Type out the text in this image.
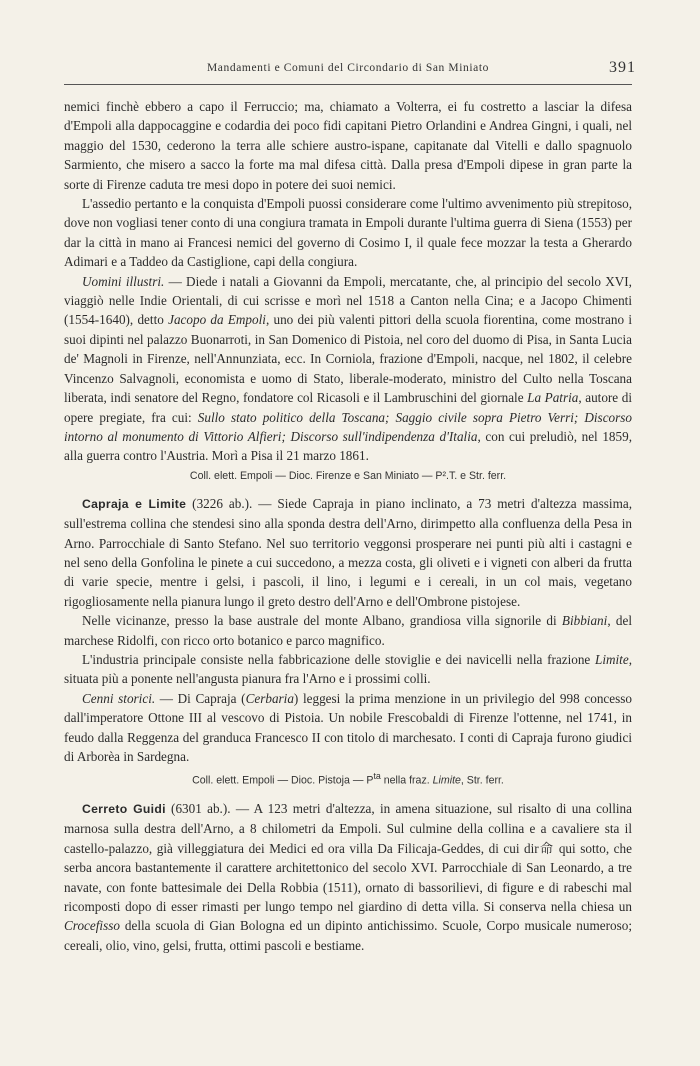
Mandamenti e Comuni del Circondario di San Miniato	391

nemici finchè ebbero a capo il Ferruccio; ma, chiamato a Volterra, ei fu costretto a lasciar la difesa d'Empoli alla dappocaggine e codardia dei poco fidi capitani Pietro Orlandini e Andrea Gingni, i quali, nel maggio del 1530, cederono la terra alle schiere austro-ispane, capitanate dal Vitelli e dallo spagnuolo Sarmiento, che misero a sacco la forte ma mal difesa città. Dalla presa d'Empoli dipese in gran parte la sorte di Firenze caduta tre mesi dopo in potere dei suoi nemici.

L'assedio pertanto e la conquista d'Empoli puossi considerare come l'ultimo avvenimento più strepitoso, dove non vogliasi tener conto di una congiura tramata in Empoli durante l'ultima guerra di Siena (1553) per dar la città in mano ai Francesi nemici del governo di Cosimo I, il quale fece mozzar la testa a Gherardo Adimari e a Taddeo da Castiglione, capi della congiura.

Uomini illustri. — Diede i natali a Giovanni da Empoli, mercatante, che, al principio del secolo XVI, viaggiò nelle Indie Orientali, di cui scrisse e morì nel 1518 a Canton nella Cina; e a Jacopo Chimenti (1554-1640), detto Jacopo da Empoli, uno dei più valenti pittori della scuola fiorentina, come mostrano i suoi dipinti nel palazzo Buonarroti, in San Domenico di Pistoia, nel coro del duomo di Pisa, in Santa Lucia de' Magnoli in Firenze, nell'Annunziata, ecc. In Corniola, frazione d'Empoli, nacque, nel 1802, il celebre Vincenzo Salvagnoli, economista e uomo di Stato, liberale-moderato, ministro del Culto nella Toscana liberata, indi senatore del Regno, fondatore col Ricasoli e il Lambruschini del giornale La Patria, autore di opere pregiate, fra cui: Sullo stato politico della Toscana; Saggio civile sopra Pietro Verri; Discorso intorno al monumento di Vittorio Alfieri; Discorso sull'indipendenza d'Italia, con cui preludiò, nel 1859, alla guerra contro l'Austria. Morì a Pisa il 21 marzo 1861.

Coll. elett. Empoli — Dioc. Firenze e San Miniato — P².T. e Str. ferr.

Capraja e Limite (3226 ab.). — Siede Capraja in piano inclinato, a 73 metri d'altezza massima, sull'estrema collina che stendesi sino alla sponda destra dell'Arno, dirimpetto alla confluenza della Pesa in Arno. Parrocchiale di Santo Stefano. Nel suo territorio veggonsi prosperare nei punti più alti i castagni e nel seno della Gonfolina le pinete a cui succedono, a mezza costa, gli oliveti e i vigneti con alberi da frutta di varie specie, mentre i gelsi, i pascoli, il lino, i legumi e i cereali, in un col mais, vegetano rigogliosamente nella pianura lungo il greto destro dell'Arno e dell'Ombrone pistojese.

Nelle vicinanze, presso la base australe del monte Albano, grandiosa villa signorile di Bibbiani, del marchese Ridolfi, con ricco orto botanico e parco magnifico.

L'industria principale consiste nella fabbricazione delle stoviglie e dei navicelli nella frazione Limite, situata più a ponente nell'angusta pianura fra l'Arno e i prossimi colli.

Cenni storici. — Di Capraja (Cerbaria) leggesi la prima menzione in un privilegio del 998 concesso dall'imperatore Ottone III al vescovo di Pistoia. Un nobile Frescobaldi di Firenze l'ottenne, nel 1741, in feudo dalla Reggenza del granduca Francesco II con titolo di marchesato. I conti di Capraja furono giudici di Arborèa in Sardegna.

Coll. elett. Empoli — Dioc. Pistoja — $P^{ta}$ nella fraz. Limite, Str. ferr.

Cerreto Guidi (6301 ab.). — A 123 metri d'altezza, in amena situazione, sul risalto di una collina marnosa sulla destra dell'Arno, a 8 chilometri da Empoli. Sul culmine della collina e a cavaliere sta il castello-palazzo, già villeggiatura dei Medici ed ora villa Da Filicaja-Geddes, di cui dir命 qui sotto, che serba ancora bastantemente il carattere architettonico del secolo XVI. Parrocchiale di San Leonardo, a tre navate, con fonte battesimale dei Della Robbia (1511), ornato di bassorilievi, di figure e di rabeschi mal ricomposti dopo di esser rimasti per lungo tempo nel giardino di detta villa. Si conserva nella chiesa un Crocefisso della scuola di Gian Bologna ed un dipinto antichissimo. Scuole, Corpo musicale numeroso; cereali, olio, vino, gelsi, frutta, ottimi pascoli e bestiame.
